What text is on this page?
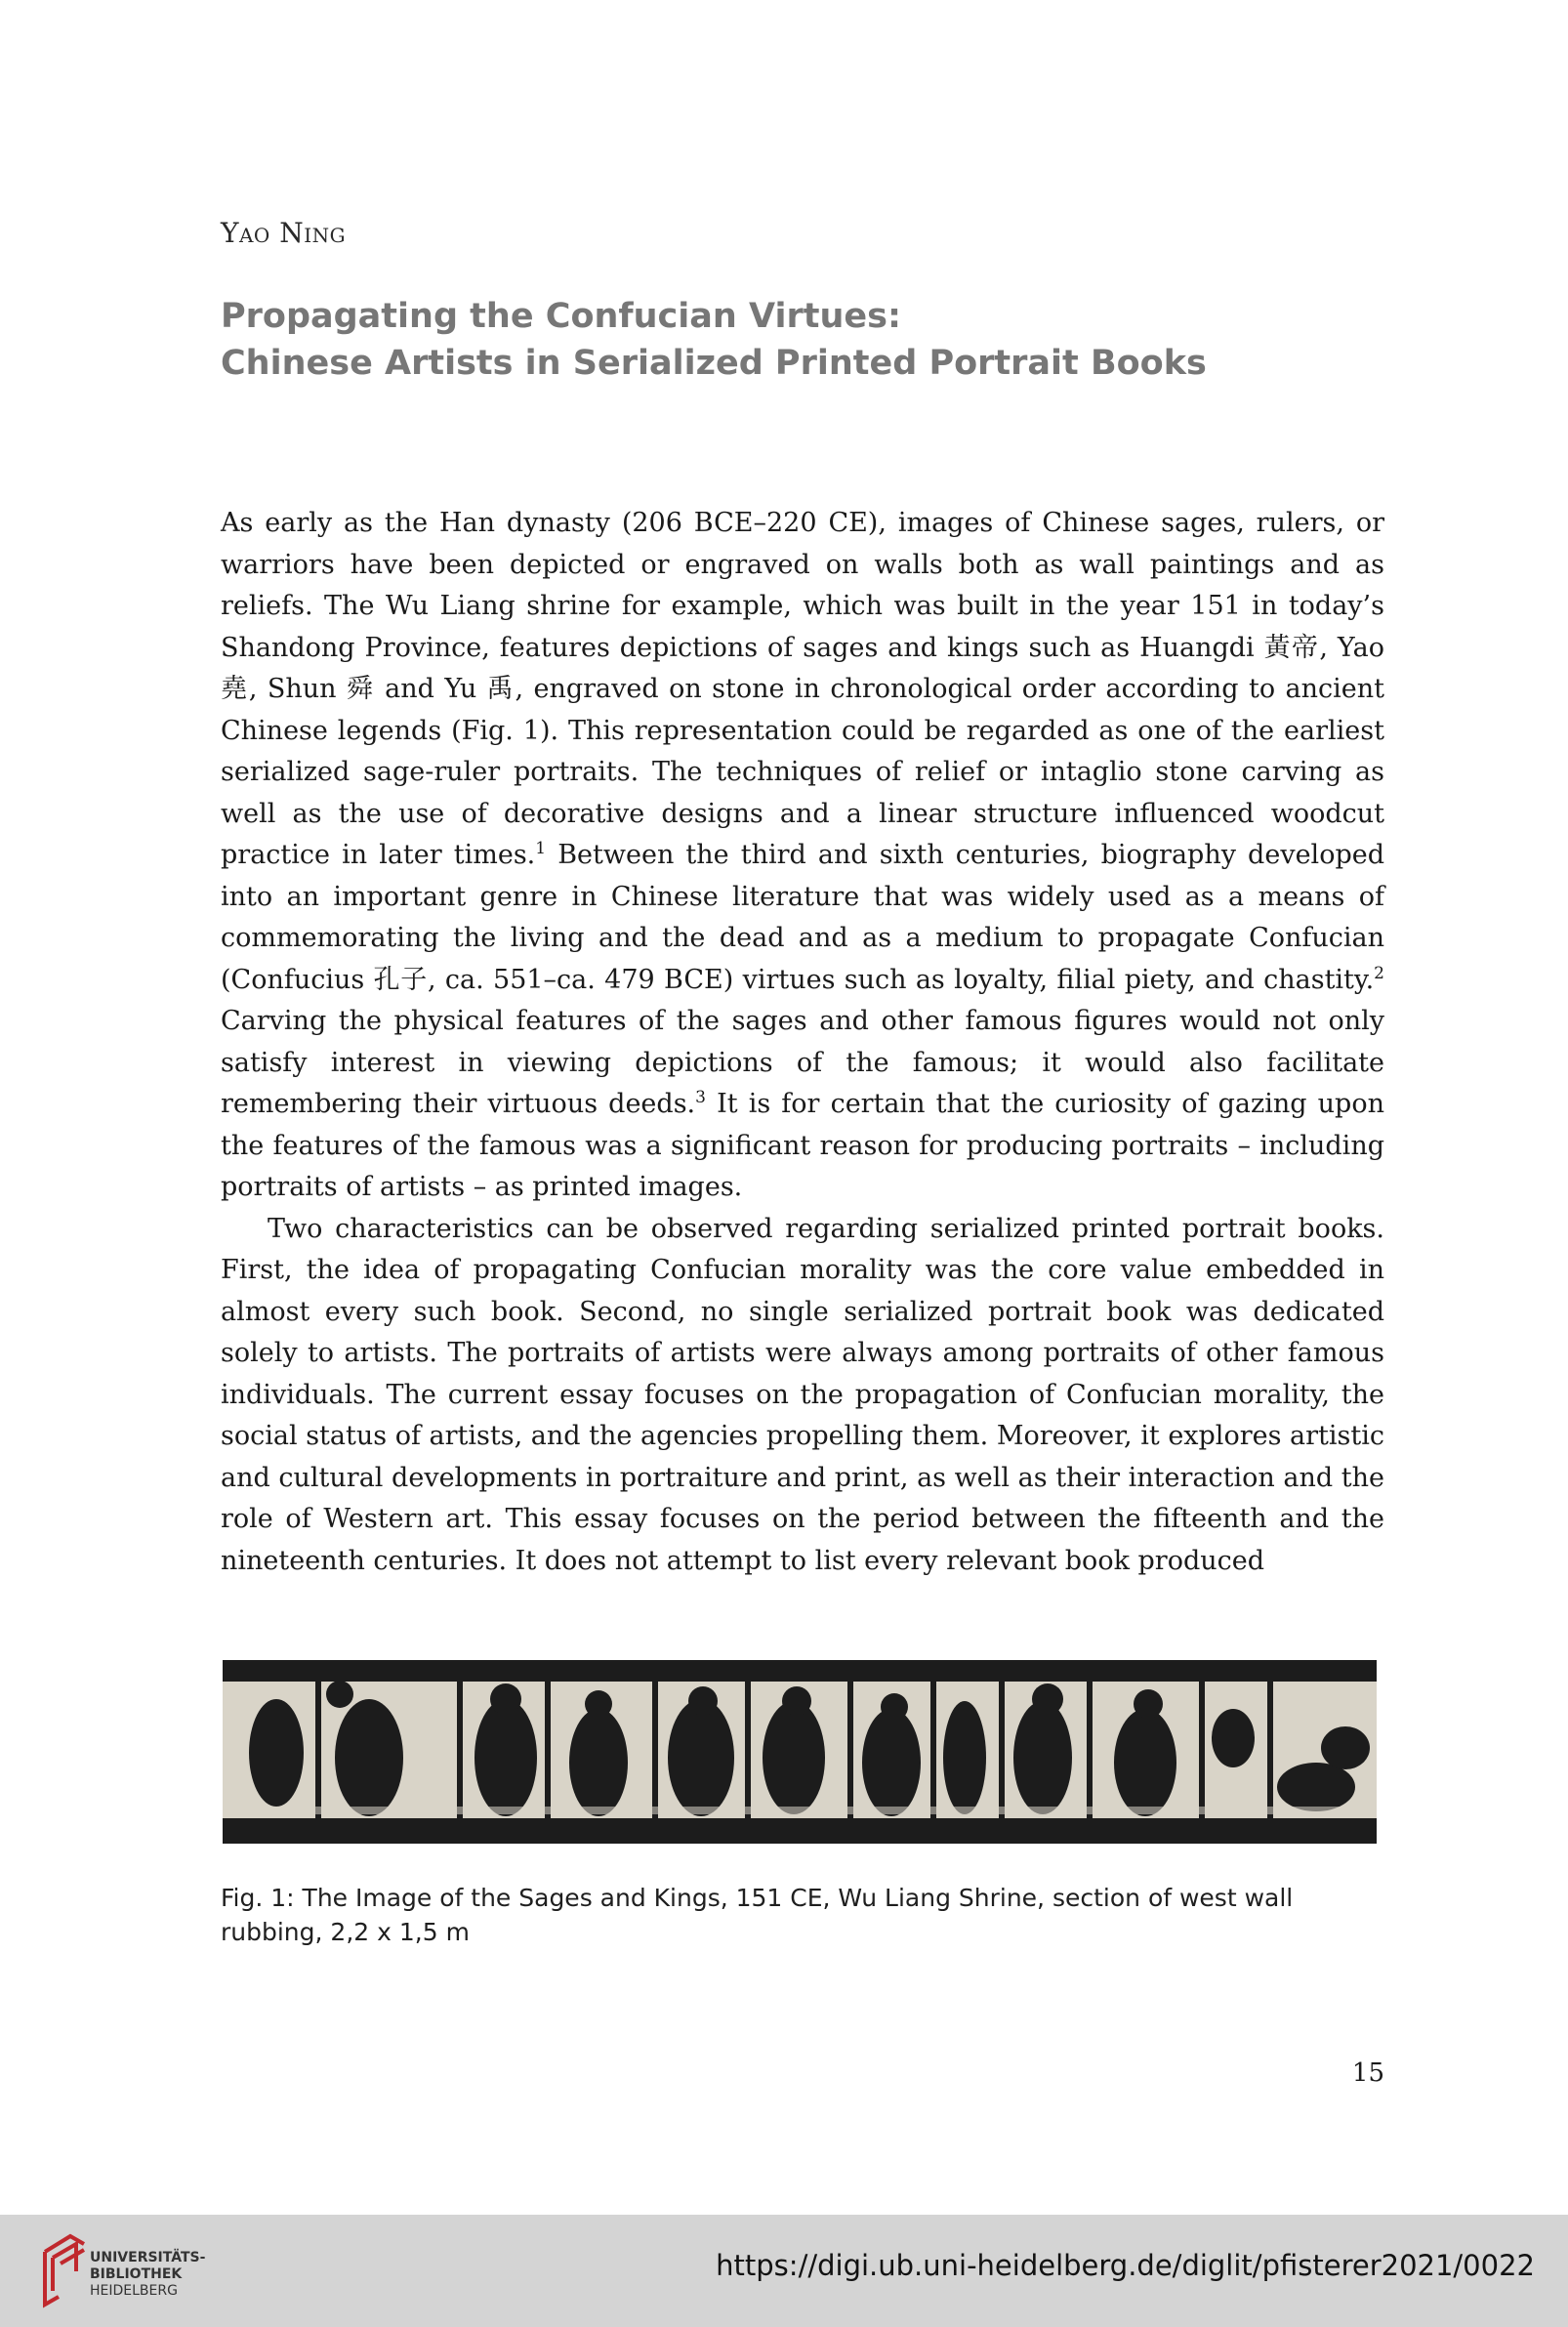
Yao Ning
Propagating the Confucian Virtues:
Chinese Artists in Serialized Printed Portrait Books

As early as the Han dynasty (206 BCE–220 CE), images of Chinese sages, rulers, or warriors have been depicted or engraved on walls both as wall paintings and as reliefs. The Wu Liang shrine for example, which was built in the year 151 in today’s Shandong Province, features depictions of sages and kings such as Huangdi 黃帝, Yao 堯, Shun 舜 and Yu 禹, engraved on stone in chronological order according to ancient Chinese legends (Fig. 1). This representation could be regarded as one of the earliest serialized sage-ruler portraits. The techniques of relief or intaglio stone carving as well as the use of decorative designs and a linear structure influenced woodcut practice in later times.$^1$ Between the third and sixth centuries, biography developed into an important genre in Chinese literature that was widely used as a means of commemorating the living and the dead and as a medium to propagate Confucian (Confucius 孔子, ca. 551–ca. 479 BCE) virtues such as loyalty, filial piety, and chastity.$^2$ Carving the physical features of the sages and other famous figures would not only satisfy interest in viewing depictions of the famous; it would also facilitate remembering their virtuous deeds.$^3$ It is for certain that the curiosity of gazing upon the features of the famous was a significant reason for producing portraits – including portraits of artists – as printed images.

Two characteristics can be observed regarding serialized printed portrait books. First, the idea of propagating Confucian morality was the core value embedded in almost every such book. Second, no single serialized portrait book was dedicated solely to artists. The portraits of artists were always among portraits of other famous individuals. The current essay focuses on the propagation of Confucian morality, the social status of artists, and the agencies propelling them. Moreover, it explores artistic and cultural developments in portraiture and print, as well as their interaction and the role of Western art. This essay focuses on the period between the fifteenth and the nineteenth centuries. It does not attempt to list every relevant book produced

Fig. 1: The Image of the Sages and Kings, 151 CE, Wu Liang Shrine, section of west wall rubbing, 2,2 x 1,5 m
15
UNIVERSITÄTS-
BIBLIOTHEK
HEIDELBERG
https://digi.ub.uni-heidelberg.de/diglit/pfisterer2021/0022
